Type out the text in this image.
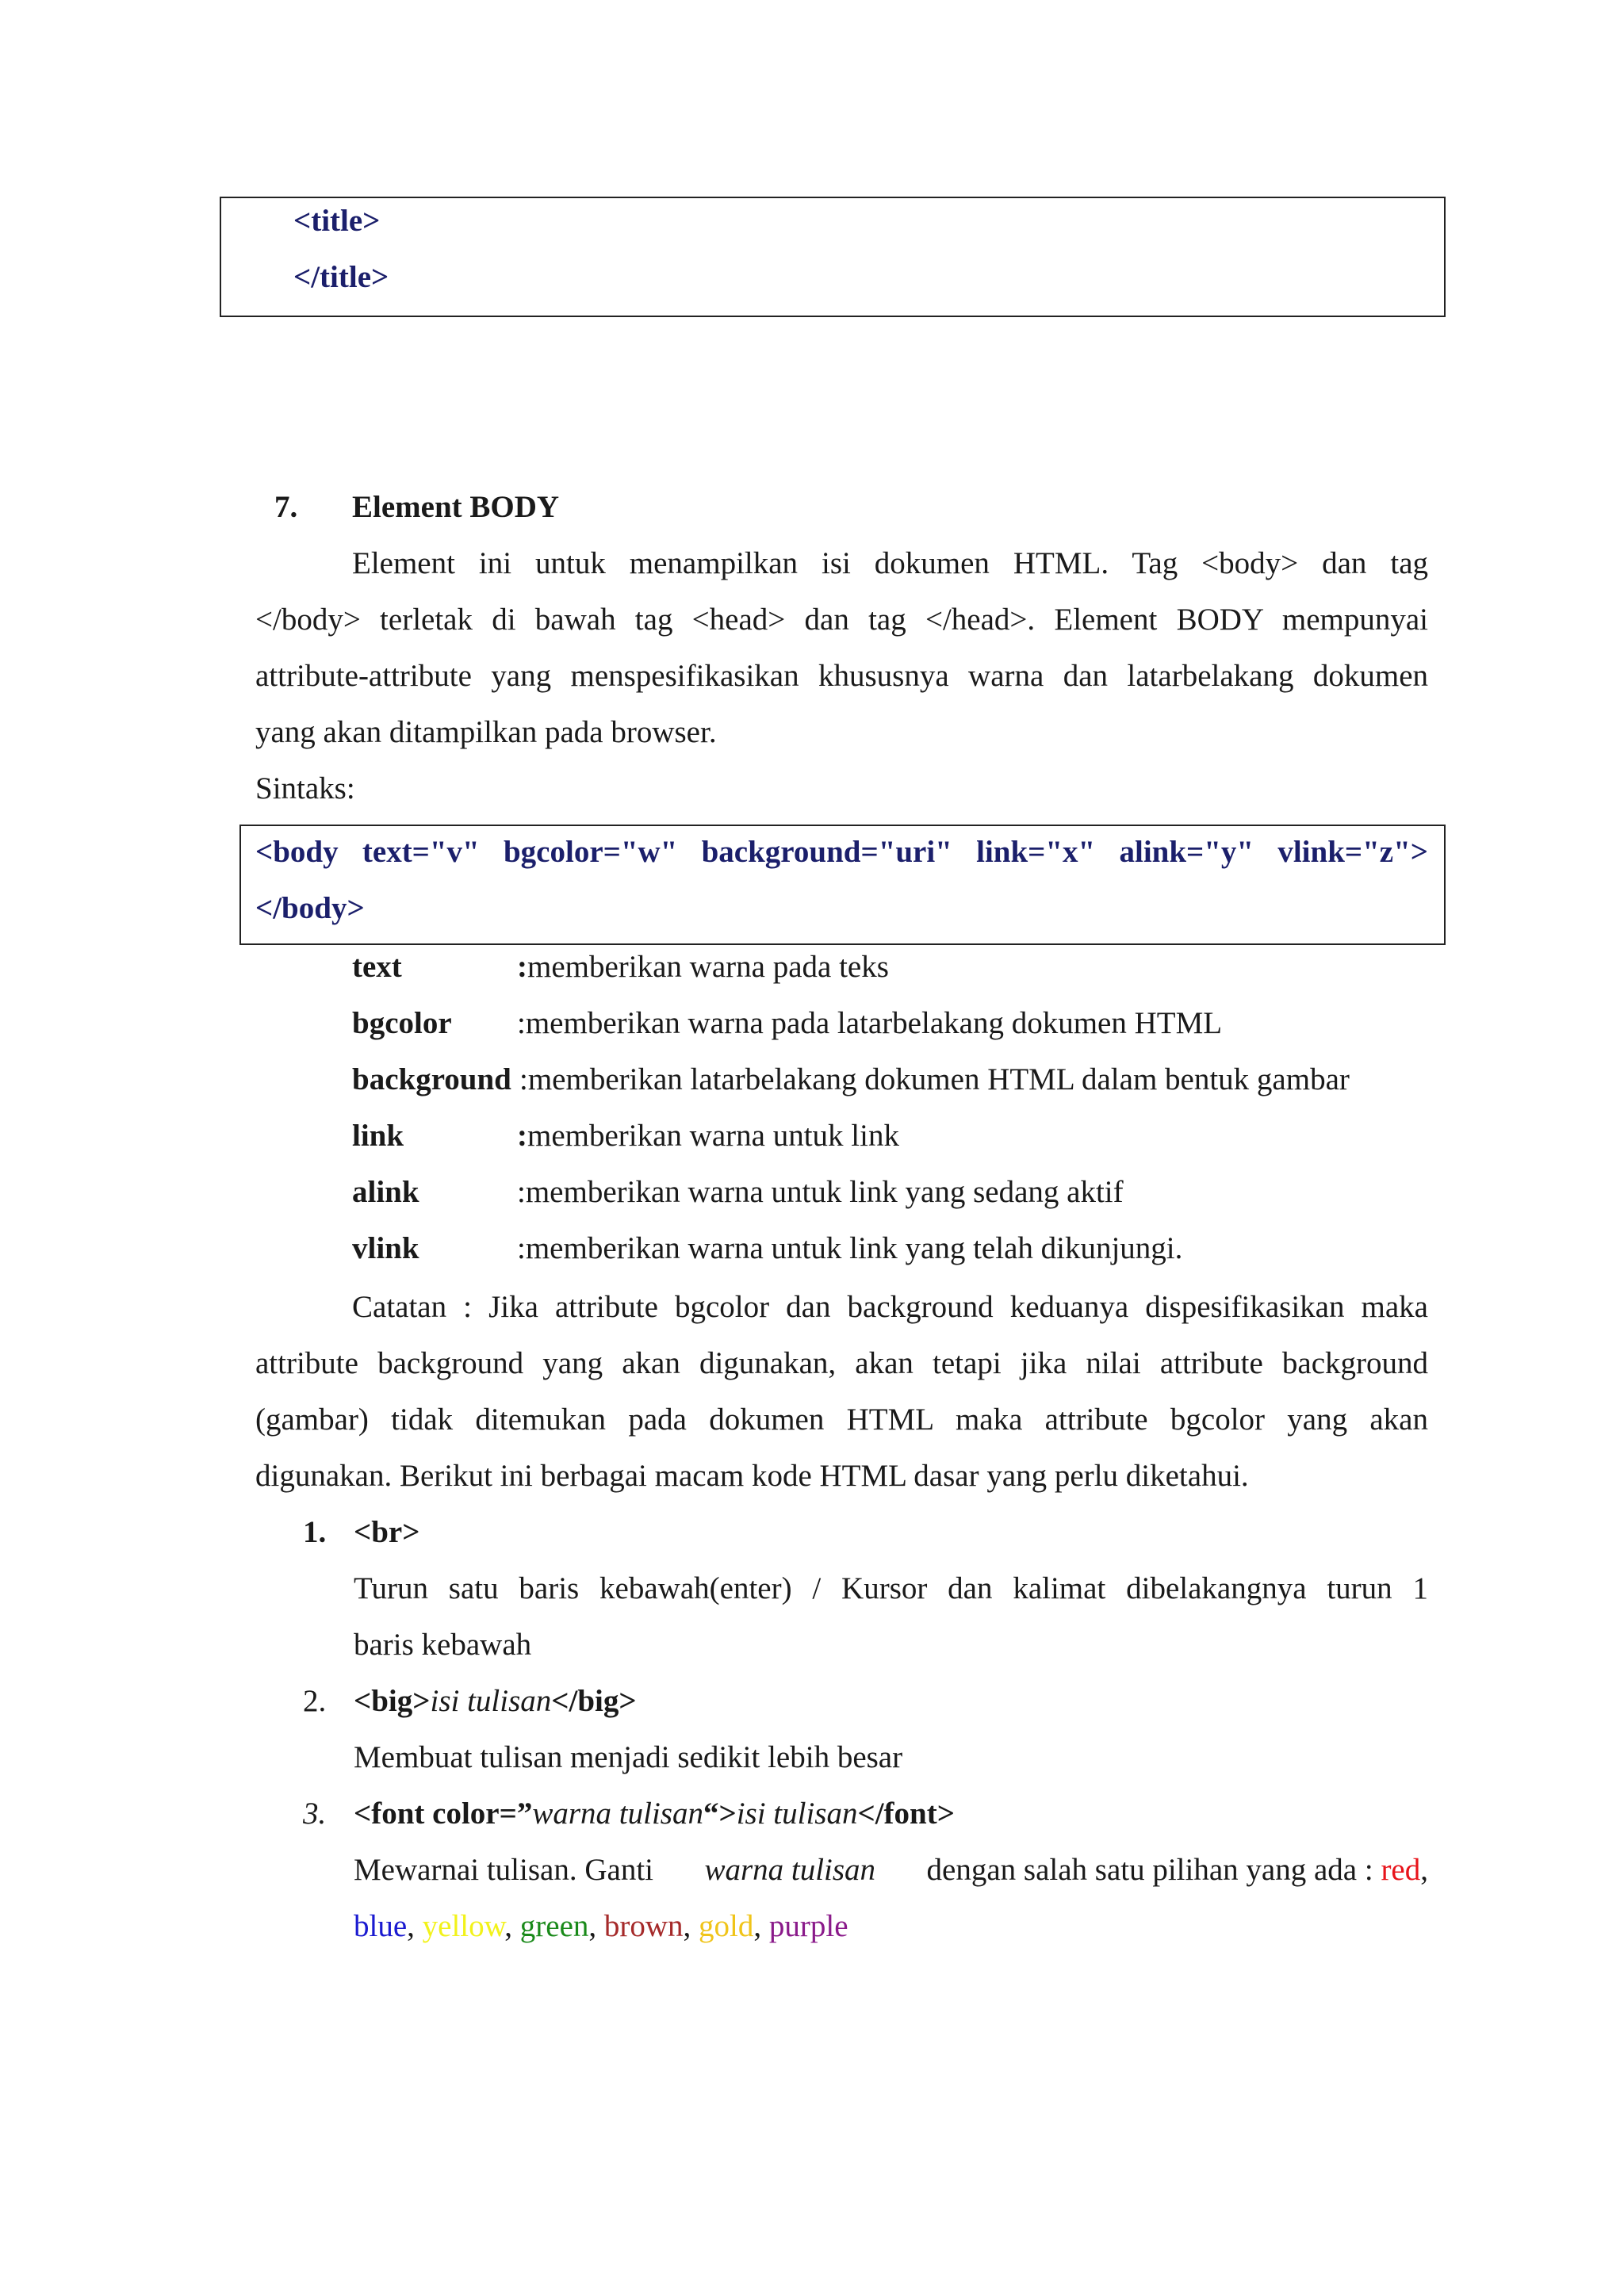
<title>
</title>
7. Element BODY
Element ini untuk menampilkan isi dokumen HTML. Tag <body> dan tag
</body> terletak di bawah tag <head> dan tag </head>. Element BODY mempunyai
attribute-attribute yang menspesifikasikan khususnya warna dan latarbelakang dokumen
yang akan ditampilkan pada browser.
Sintaks:
<body text="v" bgcolor="w" background="uri" link="x" alink="y" vlink="z">
</body>
text	:memberikan warna pada teks
bgcolor :memberikan warna pada latarbelakang dokumen HTML
background :memberikan latarbelakang dokumen HTML dalam bentuk gambar
link	:memberikan warna untuk link
alink	:memberikan warna untuk link yang sedang aktif
vlink	:memberikan warna untuk link yang telah dikunjungi.
Catatan : Jika attribute bgcolor dan background keduanya dispesifikasikan maka
attribute background yang akan digunakan, akan tetapi jika nilai attribute background
(gambar) tidak ditemukan pada dokumen HTML maka attribute bgcolor yang akan
digunakan. Berikut ini berbagai macam kode HTML dasar yang perlu diketahui.
1. <br>
Turun satu baris kebawah(enter) / Kursor dan kalimat dibelakangnya turun 1
baris kebawah
2. <big>isi tulisan</big>
Membuat tulisan menjadi sedikit lebih besar
3. <font color=”warna tulisan“>isi tulisan</font>
Mewarnai tulisan. Ganti warna tulisan dengan salah satu pilihan yang ada : red,
blue, yellow, green, brown, gold, purple
